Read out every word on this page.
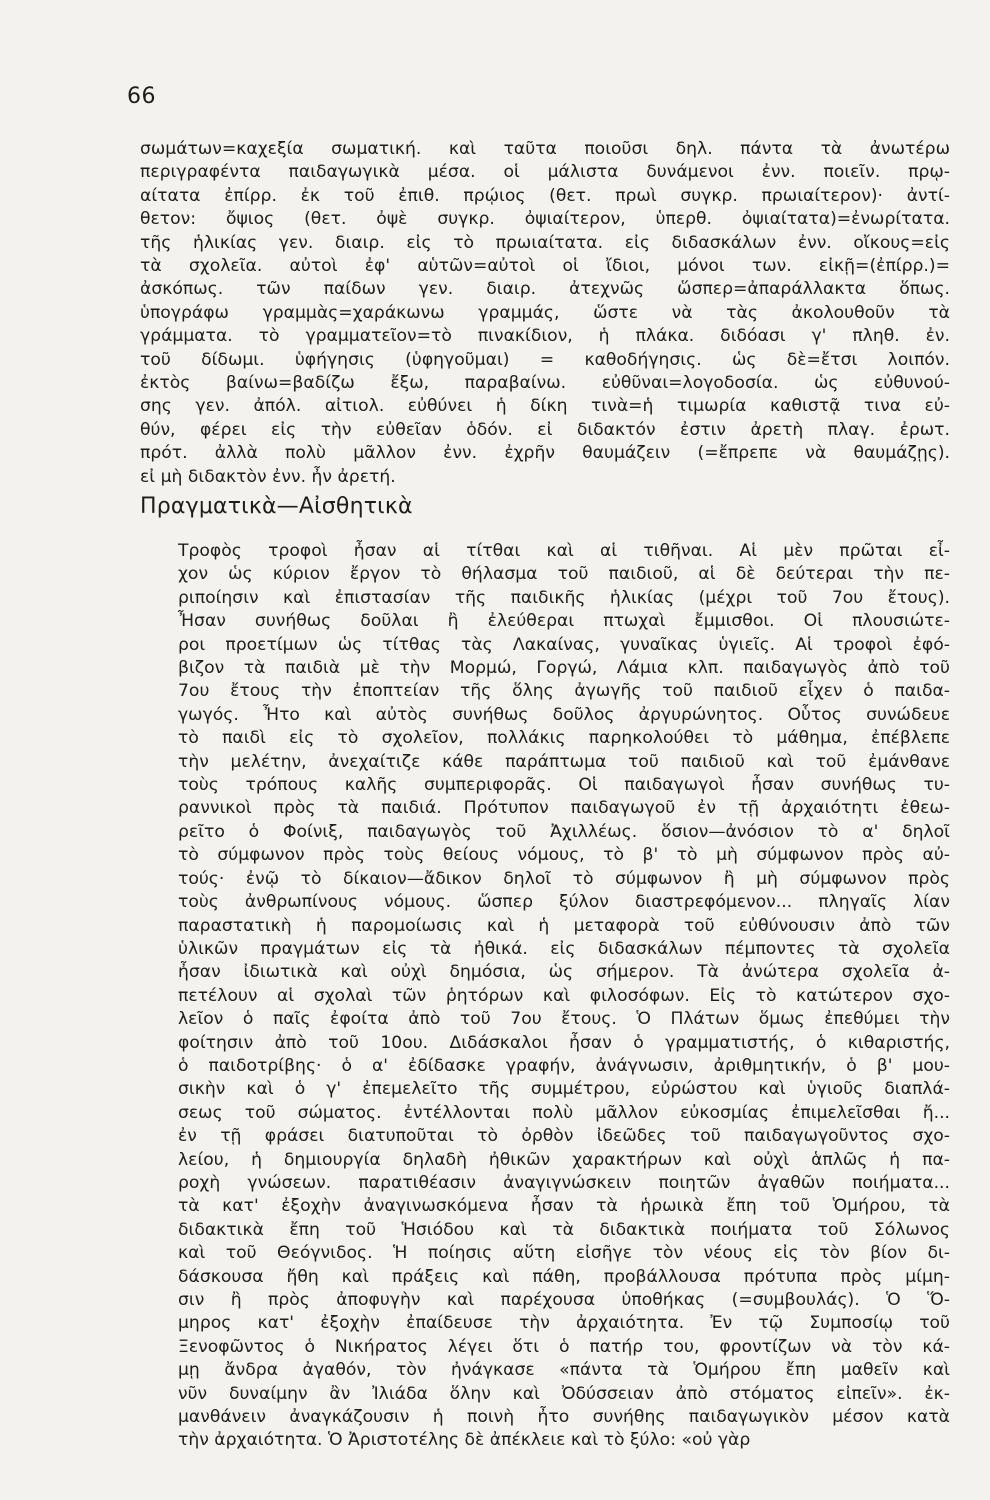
66
σωμάτων=καχεξία σωματική. καὶ ταῦτα ποιοῦσι δηλ. πάντα τὰ ἀνωτέρω
περιγραφέντα παιδαγωγικὰ μέσα. οἱ μάλιστα δυνάμενοι ἐνν. ποιεῖν. πρῳ-
αίτατα ἐπίρρ. ἐκ τοῦ ἐπιθ. πρῴιος (θετ. πρωὶ συγκρ. πρωιαίτερον)· ἀντί-
θετον: ὄψιος (θετ. ὀψὲ συγκρ. ὀψιαίτερον, ὑπερθ. ὀψιαίτατα)=ἐνωρίτατα.
τῆς ἡλικίας γεν. διαιρ. εἰς τὸ πρωιαίτατα. εἰς διδασκάλων ἐνν. οἴκους=εἰς
τὰ σχολεῖα. αὐτοὶ ἐφ' αὑτῶν=αὐτοὶ οἱ ἴδιοι, μόνοι των. εἰκῇ=(ἐπίρρ.)=
ἀσκόπως. τῶν παίδων γεν. διαιρ. ἀτεχνῶς ὥσπερ=ἀπαράλλακτα ὅπως.
ὑπογράφω γραμμὰς=χαράκωνω γραμμάς, ὥστε νὰ τὰς ἀκολουθοῦν τὰ
γράμματα. τὸ γραμματεῖον=τὸ πινακίδιον, ἡ πλάκα. διδόασι γ' πληθ. ἐν.
τοῦ δίδωμι. ὑφήγησις (ὑφηγοῦμαι) = καθοδήγησις. ὡς δὲ=ἔτσι λοιπόν.
ἐκτὸς βαίνω=βαδίζω ἔξω, παραβαίνω. εὐθῦναι=λογοδοσία. ὡς εὐθυνού-
σης γεν. ἀπόλ. αἰτιολ. εὐθύνει ἡ δίκη τινὰ=ἡ τιμωρία καθιστᾷ τινα εὐ-
θύν, φέρει εἰς τὴν εὐθεῖαν ὁδόν. εἰ διδακτόν ἐστιν ἀρετὴ πλαγ. ἐρωτ.
πρότ. ἀλλὰ πολὺ μᾶλλον ἐνν. ἐχρῆν θαυμάζειν (=ἔπρεπε νὰ θαυμάζῃς).
εἰ μὴ διδακτὸν ἐνν. ἦν ἀρετή.
Πραγματικὰ—Αἰσθητικὰ
Τροφὸς τροφοὶ ἦσαν αἱ τίτθαι καὶ αἱ τιθῆναι. Αἱ μὲν πρῶται εἶ-
χον ὡς κύριον ἔργον τὸ θήλασμα τοῦ παιδιοῦ, αἱ δὲ δεύτεραι τὴν πε-
ριποίησιν καὶ ἐπιστασίαν τῆς παιδικῆς ἡλικίας (μέχρι τοῦ 7ου ἔτους).
Ἦσαν συνήθως δοῦλαι ἢ ἐλεύθεραι πτωχαὶ ἔμμισθοι. Οἱ πλουσιώτε-
ροι προετίμων ὡς τίτθας τὰς Λακαίνας, γυναῖκας ὑγιεῖς. Αἱ τροφοὶ ἐφό-
βιζον τὰ παιδιὰ μὲ τὴν Μορμώ, Γοργώ, Λάμια κλπ. παιδαγωγὸς ἀπὸ τοῦ
7ου ἔτους τὴν ἐποπτείαν τῆς ὅλης ἀγωγῆς τοῦ παιδιοῦ εἶχεν ὁ παιδα-
γωγός. Ἦτο καὶ αὐτὸς συνήθως δοῦλος ἀργυρώνητος. Οὗτος συνώδευε
τὸ παιδὶ εἰς τὸ σχολεῖον, πολλάκις παρηκολούθει τὸ μάθημα, ἐπέβλεπε
τὴν μελέτην, ἀνεχαίτιζε κάθε παράπτωμα τοῦ παιδιοῦ καὶ τοῦ ἐμάνθανε
τοὺς τρόπους καλῆς συμπεριφορᾶς. Οἱ παιδαγωγοὶ ἦσαν συνήθως τυ-
ραννικοὶ πρὸς τὰ παιδιά. Πρότυπον παιδαγωγοῦ ἐν τῇ ἀρχαιότητι ἐθεω-
ρεῖτο ὁ Φοίνιξ, παιδαγωγὸς τοῦ Ἀχιλλέως. ὅσιον—ἀνόσιον τὸ α' δηλοῖ
τὸ σύμφωνον πρὸς τοὺς θείους νόμους, τὸ β' τὸ μὴ σύμφωνον πρὸς αὐ-
τούς· ἐνῷ τὸ δίκαιον—ἄδικον δηλοῖ τὸ σύμφωνον ἢ μὴ σύμφωνον πρὸς
τοὺς ἀνθρωπίνους νόμους. ὥσπερ ξύλον διαστρεφόμενον... πληγαῖς λίαν
παραστατικὴ ἡ παρομοίωσις καὶ ἡ μεταφορὰ τοῦ εὐθύνουσιν ἀπὸ τῶν
ὑλικῶν πραγμάτων εἰς τὰ ἠθικά. εἰς διδασκάλων πέμποντες τὰ σχολεῖα
ἦσαν ἰδιωτικὰ καὶ οὐχὶ δημόσια, ὡς σήμερον. Τὰ ἀνώτερα σχολεῖα ἀ-
πετέλουν αἱ σχολαὶ τῶν ῥητόρων καὶ φιλοσόφων. Εἰς τὸ κατώτερον σχο-
λεῖον ὁ παῖς ἐφοίτα ἀπὸ τοῦ 7ου ἔτους. Ὁ Πλάτων ὅμως ἐπεθύμει τὴν
φοίτησιν ἀπὸ τοῦ 10ου. Διδάσκαλοι ἦσαν ὁ γραμματιστής, ὁ κιθαριστής,
ὁ παιδοτρίβης· ὁ α' ἐδίδασκε γραφήν, ἀνάγνωσιν, ἀριθμητικήν, ὁ β' μου-
σικὴν καὶ ὁ γ' ἐπεμελεῖτο τῆς συμμέτρου, εὐρώστου καὶ ὑγιοῦς διαπλά-
σεως τοῦ σώματος. ἐντέλλονται πολὺ μᾶλλον εὐκοσμίας ἐπιμελεῖσθαι ἤ...
ἐν τῇ φράσει διατυποῦται τὸ ὀρθὸν ἰδεῶδες τοῦ παιδαγωγοῦντος σχο-
λείου, ἡ δημιουργία δηλαδὴ ἠθικῶν χαρακτήρων καὶ οὐχὶ ἁπλῶς ἡ πα-
ροχὴ γνώσεων. παρατιθέασιν ἀναγιγνώσκειν ποιητῶν ἀγαθῶν ποιήματα...
τὰ κατ' ἐξοχὴν ἀναγινωσκόμενα ἦσαν τὰ ἡρωικὰ ἔπη τοῦ Ὁμήρου, τὰ
διδακτικὰ ἔπη τοῦ Ἡσιόδου καὶ τὰ διδακτικὰ ποιήματα τοῦ Σόλωνος
καὶ τοῦ Θεόγνιδος. Ἡ ποίησις αὕτη εἰσῆγε τὸν νέους εἰς τὸν βίον δι-
δάσκουσα ἤθη καὶ πράξεις καὶ πάθη, προβάλλουσα πρότυπα πρὸς μίμη-
σιν ἢ πρὸς ἀποφυγὴν καὶ παρέχουσα ὑποθήκας (=συμβουλάς). Ὁ Ὅ-
μηρος κατ' ἐξοχὴν ἐπαίδευσε τὴν ἀρχαιότητα. Ἐν τῷ Συμποσίῳ τοῦ
Ξενοφῶντος ὁ Νικήρατος λέγει ὅτι ὁ πατήρ του, φροντίζων νὰ τὸν κά-
μῃ ἄνδρα ἀγαθόν, τὸν ἠνάγκασε «πάντα τὰ Ὁμήρου ἔπη μαθεῖν καὶ
νῦν δυναίμην ἂν Ἰλιάδα ὅλην καὶ Ὀδύσσειαν ἀπὸ στόματος εἰπεῖν». ἐκ-
μανθάνειν ἀναγκάζουσιν ἡ ποινὴ ἦτο συνήθης παιδαγωγικὸν μέσον κατὰ
τὴν ἀρχαιότητα. Ὁ Ἀριστοτέλης δὲ ἀπέκλειε καὶ τὸ ξύλο: «οὐ γὰρ
